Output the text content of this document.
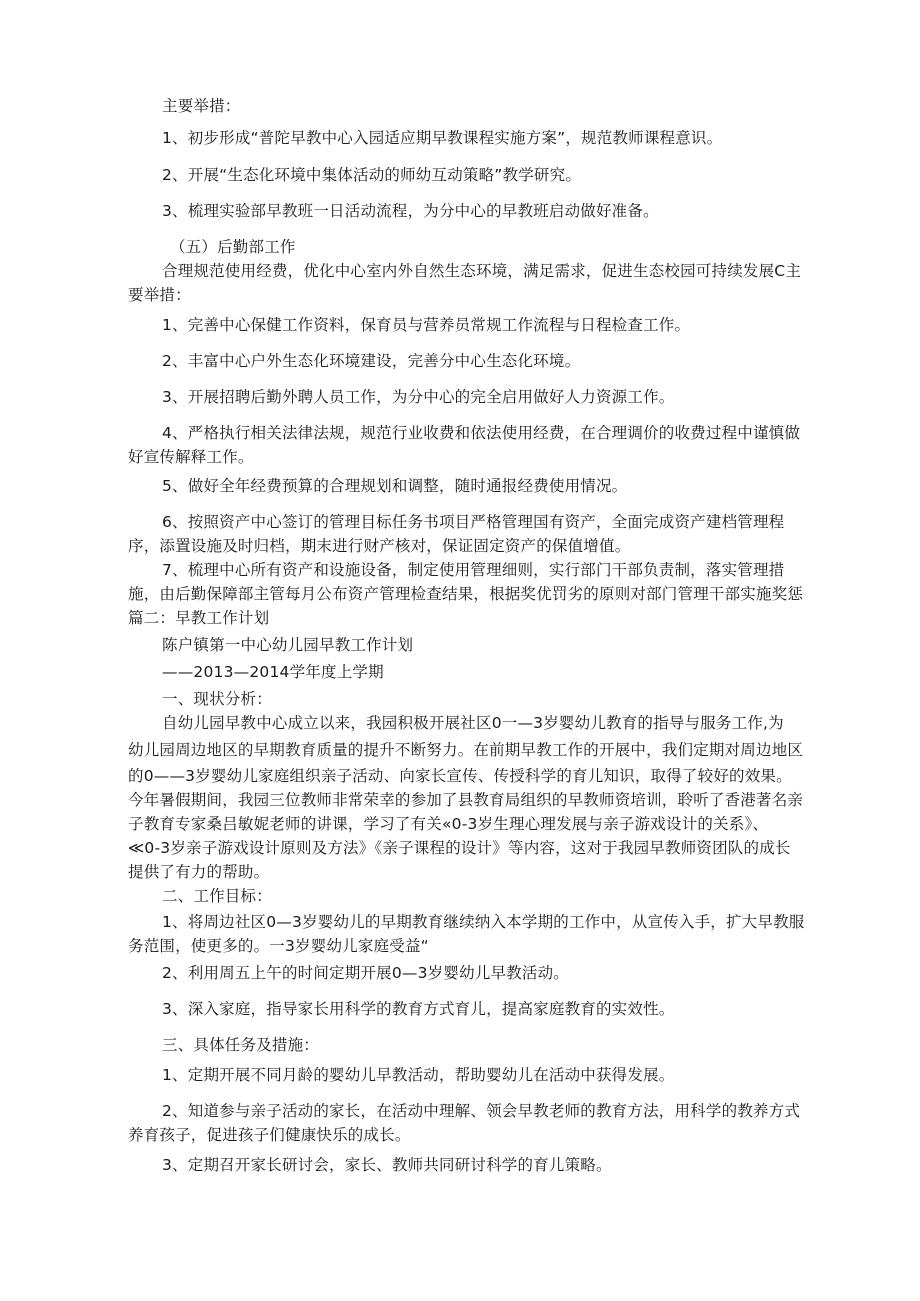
主要举措：
1、初步形成“普陀早教中心入园适应期早教课程实施方案”，规范教师课程意识。
2、开展“生态化环境中集体活动的师幼互动策略”教学研究。
3、梳理实验部早教班一日活动流程，为分中心的早教班启动做好准备。
（五）后勤部工作
合理规范使用经费，优化中心室内外自然生态环境，满足需求，促进生态校园可持续发展C主
要举措：
1、完善中心保健工作资料，保育员与营养员常规工作流程与日程检查工作。
2、丰富中心户外生态化环境建设，完善分中心生态化环境。
3、开展招聘后勤外聘人员工作，为分中心的完全启用做好人力资源工作。
4、严格执行相关法律法规，规范行业收费和依法使用经费，在合理调价的收费过程中谨慎做
好宣传解释工作。
5、做好全年经费预算的合理规划和调整，随时通报经费使用情况。
6、按照资产中心签订的管理目标任务书项目严格管理国有资产，全面完成资产建档管理程
序，添置设施及时归档，期末进行财产核对，保证固定资产的保值增值。
7、梳理中心所有资产和设施设备，制定使用管理细则，实行部门干部负责制，落实管理措
施，由后勤保障部主管每月公布资产管理检查结果，根据奖优罚劣的原则对部门管理干部实施奖惩
篇二：早教工作计划
陈户镇第一中心幼儿园早教工作计划
——2013—2014学年度上学期
一、现状分析：
自幼儿园早教中心成立以来，我园积极开展社区0一—3岁婴幼儿教育的指导与服务工作,为
幼儿园周边地区的早期教育质量的提升不断努力。在前期早教工作的开展中，我们定期对周边地区
的0——3岁婴幼儿家庭组织亲子活动、向家长宣传、传授科学的育儿知识，取得了较好的效果。
今年暑假期间，我园三位教师非常荣幸的参加了县教育局组织的早教师资培训，聆听了香港著名亲
子教育专家桑吕敏妮老师的讲课，学习了有关«0-3岁生理心理发展与亲子游戏设计的关系》、
≪0-3岁亲子游戏设计原则及方法》《亲子课程的设计》等内容，这对于我园早教师资团队的成长
提供了有力的帮助。
二、工作目标：
1、将周边社区0—3岁婴幼儿的早期教育继续纳入本学期的工作中，从宣传入手，扩大早教服
务范围，使更多的。一3岁婴幼儿家庭受益“
2、利用周五上午的时间定期开展0—3岁婴幼儿早教活动。
3、深入家庭，指导家长用科学的教育方式育儿，提高家庭教育的实效性。
三、具体任务及措施：
1、定期开展不同月龄的婴幼儿早教活动，帮助婴幼儿在活动中获得发展。
2、知道参与亲子活动的家长，在活动中理解、领会早教老师的教育方法，用科学的教养方式
养育孩子，促进孩子们健康快乐的成长。
3、定期召开家长研讨会，家长、教师共同研讨科学的育儿策略。
